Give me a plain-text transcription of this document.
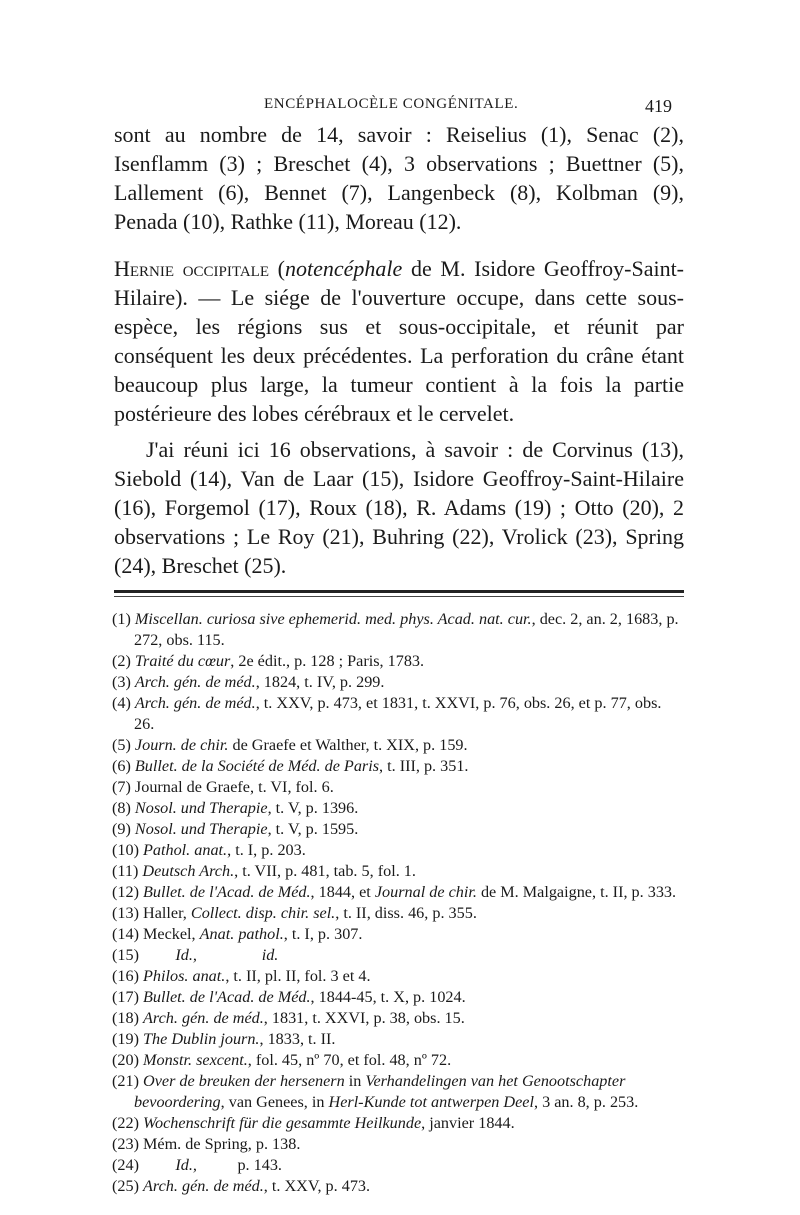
ENCÉPHALOCÈLE CONGÉNITALE.	419

sont au nombre de 14, savoir : Reiselius (1), Senac (2), Isenflamm (3) ; Breschet (4), 3 observations ; Buettner (5), Lallement (6), Bennet (7), Langenbeck (8), Kolbman (9), Penada (10), Rathke (11), Moreau (12).

Hernie occipitale (notencéphale de M. Isidore Geoffroy-Saint-Hilaire). — Le siége de l'ouverture occupe, dans cette sous-espèce, les régions sus et sous-occipitale, et réunit par conséquent les deux précédentes. La perforation du crâne étant beaucoup plus large, la tumeur contient à la fois la partie postérieure des lobes cérébraux et le cervelet.

J'ai réuni ici 16 observations, à savoir : de Corvinus (13), Siebold (14), Van de Laar (15), Isidore Geoffroy-Saint-Hilaire (16), Forgemol (17), Roux (18), R. Adams (19) ; Otto (20), 2 observations ; Le Roy (21), Buhring (22), Vrolick (23), Spring (24), Breschet (25).

(1) Miscellan. curiosa sive ephemerid. med. phys. Acad. nat. cur., dec. 2, an. 2, 1683, p. 272, obs. 115.

(2) Traité du cœur, 2e édit., p. 128 ; Paris, 1783.

(3) Arch. gén. de méd., 1824, t. IV, p. 299.

(4) Arch. gén. de méd., t. XXV, p. 473, et 1831, t. XXVI, p. 76, obs. 26, et p. 77, obs. 26.

(5) Journ. de chir. de Graefe et Walther, t. XIX, p. 159.

(6) Bullet. de la Société de Méd. de Paris, t. III, p. 351.

(7) Journal de Graefe, t. VI, fol. 6.

(8) Nosol. und Therapie, t. V, p. 1396.

(9) Nosol. und Therapie, t. V, p. 1595.

(10) Pathol. anat., t. I, p. 203.

(11) Deutsch Arch., t. VII, p. 481, tab. 5, fol. 1.

(12) Bullet. de l'Acad. de Méd., 1844, et Journal de chir. de M. Malgaigne, t. II, p. 333.

(13) Haller, Collect. disp. chir. sel., t. II, diss. 46, p. 355.

(14) Meckel, Anat. pathol., t. I, p. 307.

(15)         Id.,                id.

(16) Philos. anat., t. II, pl. II, fol. 3 et 4.

(17) Bullet. de l'Acad. de Méd., 1844-45, t. X, p. 1024.

(18) Arch. gén. de méd., 1831, t. XXVI, p. 38, obs. 15.

(19) The Dublin journ., 1833, t. II.

(20) Monstr. sexcent., fol. 45, nº 70, et fol. 48, nº 72.

(21) Over de breuken der hersenern in Verhandelingen van het Genootschapter bevoordering, van Genees, in Herl-Kunde tot antwerpen Deel, 3 an. 8, p. 253.

(22) Wochenschrift für die gesammte Heilkunde, janvier 1844.

(23) Mém. de Spring, p. 138.

(24)         Id.,          p. 143.

(25) Arch. gén. de méd., t. XXV, p. 473.
